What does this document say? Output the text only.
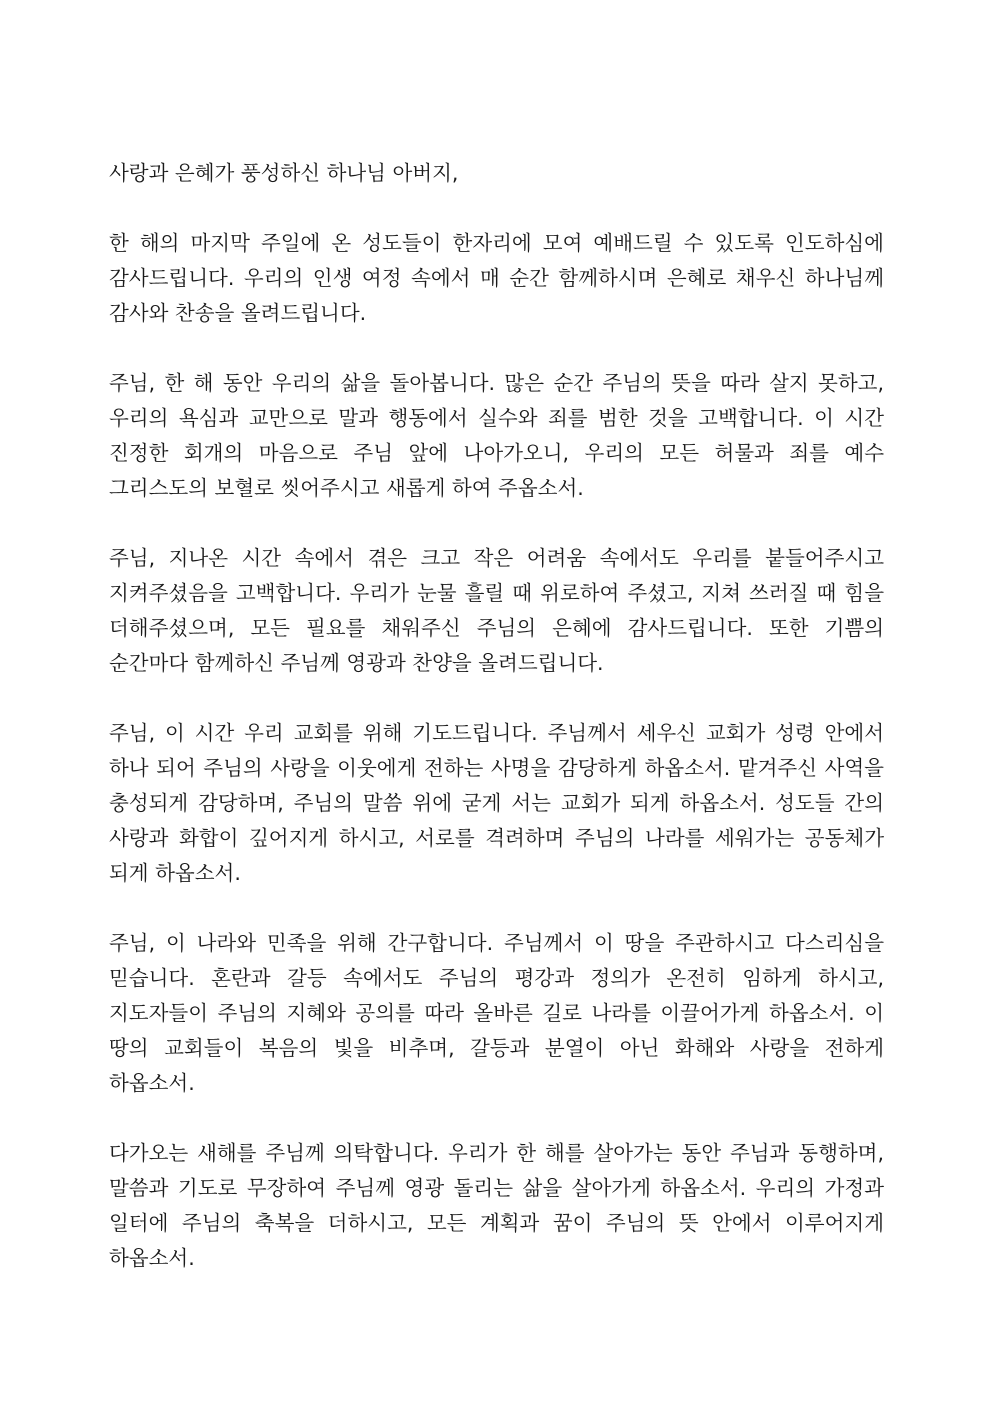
사랑과 은혜가 풍성하신 하나님 아버지,

한 해의 마지막 주일에 온 성도들이 한자리에 모여 예배드릴 수 있도록 인도하심에 감사드립니다. 우리의 인생 여정 속에서 매 순간 함께하시며 은혜로 채우신 하나님께 감사와 찬송을 올려드립니다.

주님, 한 해 동안 우리의 삶을 돌아봅니다. 많은 순간 주님의 뜻을 따라 살지 못하고, 우리의 욕심과 교만으로 말과 행동에서 실수와 죄를 범한 것을 고백합니다. 이 시간 진정한 회개의 마음으로 주님 앞에 나아가오니, 우리의 모든 허물과 죄를 예수 그리스도의 보혈로 씻어주시고 새롭게 하여 주옵소서.

주님, 지나온 시간 속에서 겪은 크고 작은 어려움 속에서도 우리를 붙들어주시고 지켜주셨음을 고백합니다. 우리가 눈물 흘릴 때 위로하여 주셨고, 지쳐 쓰러질 때 힘을 더해주셨으며, 모든 필요를 채워주신 주님의 은혜에 감사드립니다. 또한 기쁨의 순간마다 함께하신 주님께 영광과 찬양을 올려드립니다.

주님, 이 시간 우리 교회를 위해 기도드립니다. 주님께서 세우신 교회가 성령 안에서 하나 되어 주님의 사랑을 이웃에게 전하는 사명을 감당하게 하옵소서. 맡겨주신 사역을 충성되게 감당하며, 주님의 말씀 위에 굳게 서는 교회가 되게 하옵소서. 성도들 간의 사랑과 화합이 깊어지게 하시고, 서로를 격려하며 주님의 나라를 세워가는 공동체가 되게 하옵소서.

주님, 이 나라와 민족을 위해 간구합니다. 주님께서 이 땅을 주관하시고 다스리심을 믿습니다. 혼란과 갈등 속에서도 주님의 평강과 정의가 온전히 임하게 하시고, 지도자들이 주님의 지혜와 공의를 따라 올바른 길로 나라를 이끌어가게 하옵소서. 이 땅의 교회들이 복음의 빛을 비추며, 갈등과 분열이 아닌 화해와 사랑을 전하게 하옵소서.

다가오는 새해를 주님께 의탁합니다. 우리가 한 해를 살아가는 동안 주님과 동행하며, 말씀과 기도로 무장하여 주님께 영광 돌리는 삶을 살아가게 하옵소서. 우리의 가정과 일터에 주님의 축복을 더하시고, 모든 계획과 꿈이 주님의 뜻 안에서 이루어지게 하옵소서.
